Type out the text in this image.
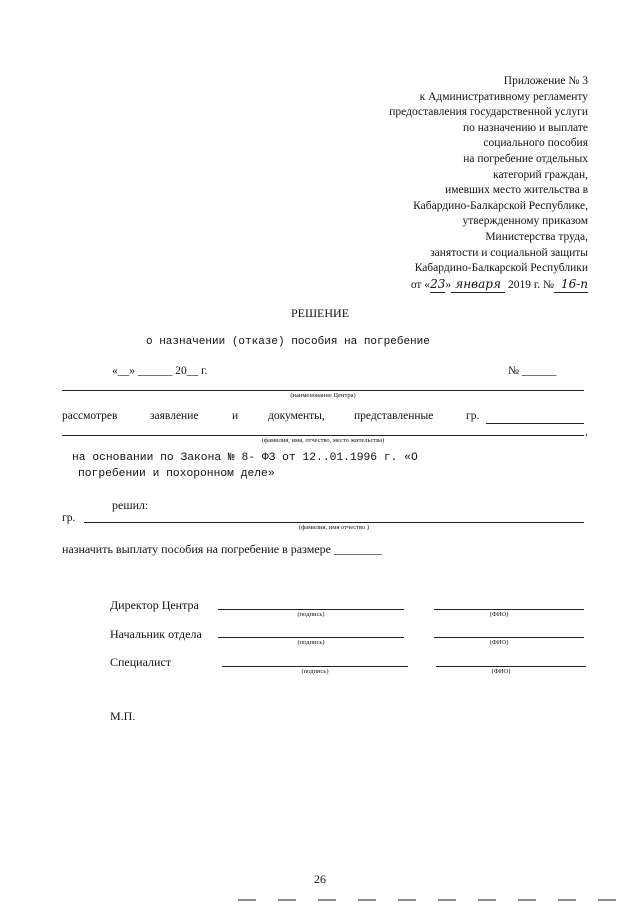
Приложение № 3
к Административному регламенту
предоставления государственной услуги
по назначению и выплате
социального пособия
на погребение отдельных
категорий граждан,
имевших место жительства в
Кабардино-Балкарской Республике,
утвержденному приказом
Министерства труда,
занятости и социальной защиты
Кабардино-Балкарской Республики
от «23» января 2019 г. № 16-п
РЕШЕНИЕ
о назначении (отказе) пособия на погребение
«__» ______ 20__ г.	№ ______
(наименование Центра)
рассмотрев	заявление	и	документы,	представленные	гр.
,
(фамилия, имя, отчество, место жительства)
на основании по Закона № 8- ФЗ от 12..01.1996 г. «О
погребении и похоронном деле»
решил:
гр.
(фамилия, имя отчество )
назначить выплату пособия на погребение в размере ________
Директор Центра
(подпись)	(ФИО)
Начальник отдела
(подпись)	(ФИО)
Специалист
(подпись)	(ФИО)
М.П.
26
